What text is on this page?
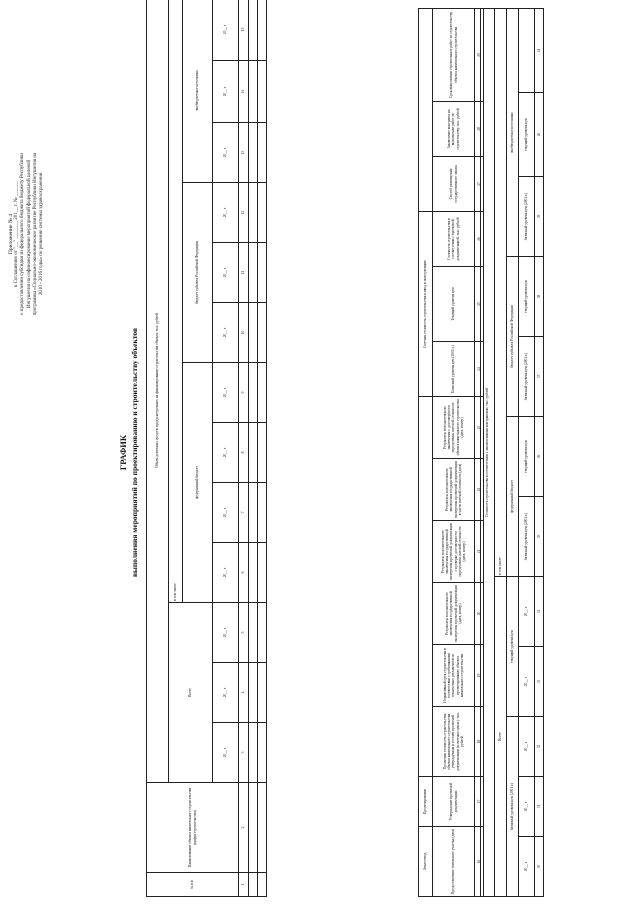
Приложение № 4 к Соглашению от "__" _______ 201__ г. № ______ о предоставлении субсидии из федерального бюджета бюджету Республики Ингушетия на софинансирование мероприятий федеральной целевой программы «Социально-экономическое развитие Республики Ингушетия на 2010 - 2016 годы» по решению системы здравоохранения
ГРАФИК выполнения мероприятий по проектированию и строительству объектов
№ п/п	Наименование объекта капитального строительства (цифра строительства)	Объем денежных средств, предусмотренных на финансирование строительства объекта, тыс. рублей												
		Всего			в том числе									
					федеральный бюджет				бюджет субъекта Российской Федерации			внебюджетные источники		
		20__ г	20__ г	20__ г	20__ г	20__ г	20__ г	20__ г	20__ г	20__ г	20__ г	20__ г	20__ г	20__ г
1	2	3	4	5	6	7	8	9	10	11	12	13	14	15

Землеотвод	Проектирование							Сметная стоимость строительства и ввод в эксплуатацию					
Предоставление земельного участка (дата)	Утверждение проектной документации	Проектная стоимость строительства объекта капитального строительства, утвержденная в составе проектной документации (в сметных ценах), тыс. рублей	Нормативный срок строительства в соответствии с требованиями технических регламентов по проектированию объекта капитального строительства	Результаты положительного заключения государственной экспертизы проектной документации (дата, номер)	Результаты положительного заключения государственной экспертизы проектной документации о проверке достоверности определения сметной стоимости (дата, номер)	Результаты положительного заключения государственной экспертизы проектной документации в части сметной стоимости (дата)	Результаты положительного заключения о достоверности определения сметной стоимости объекта капитального строительства (дата, номер)	Базисный уровень цен (2001 г.)	Текущий уровень цен	Стоимость строительства в соответствии с проектной документацией, тыс. рублей	Способ размещения государственного заказа	Заключение контракта на выполнение работ по строительству, тыс. рублей	Срок выполнения строительных работ по строительству объекта капитального строительства
16	17	18	19	20	21	22	23	24	25	26	27	28	29
Стоимость строительства в соответствии с заключенными контрактами, тыс. рублей											
Всего					в том числе						
базисный уровень цен (2001 г.)			текущий уровень цен		федеральный бюджет		бюджет субъекта Российской Федерации		внебюджетные источники		
20__ г	20__ г	20__ г	20__ г	20__ г	базисный уровень цен (2001 г.)	текущий уровень цен	базисный уровень цен (2001 г.)	текущий уровень цен	базисный уровень цен (2001 г.)	текущий уровень цен	
30	31	32	33	34	35	36	37	38	39	40	41
